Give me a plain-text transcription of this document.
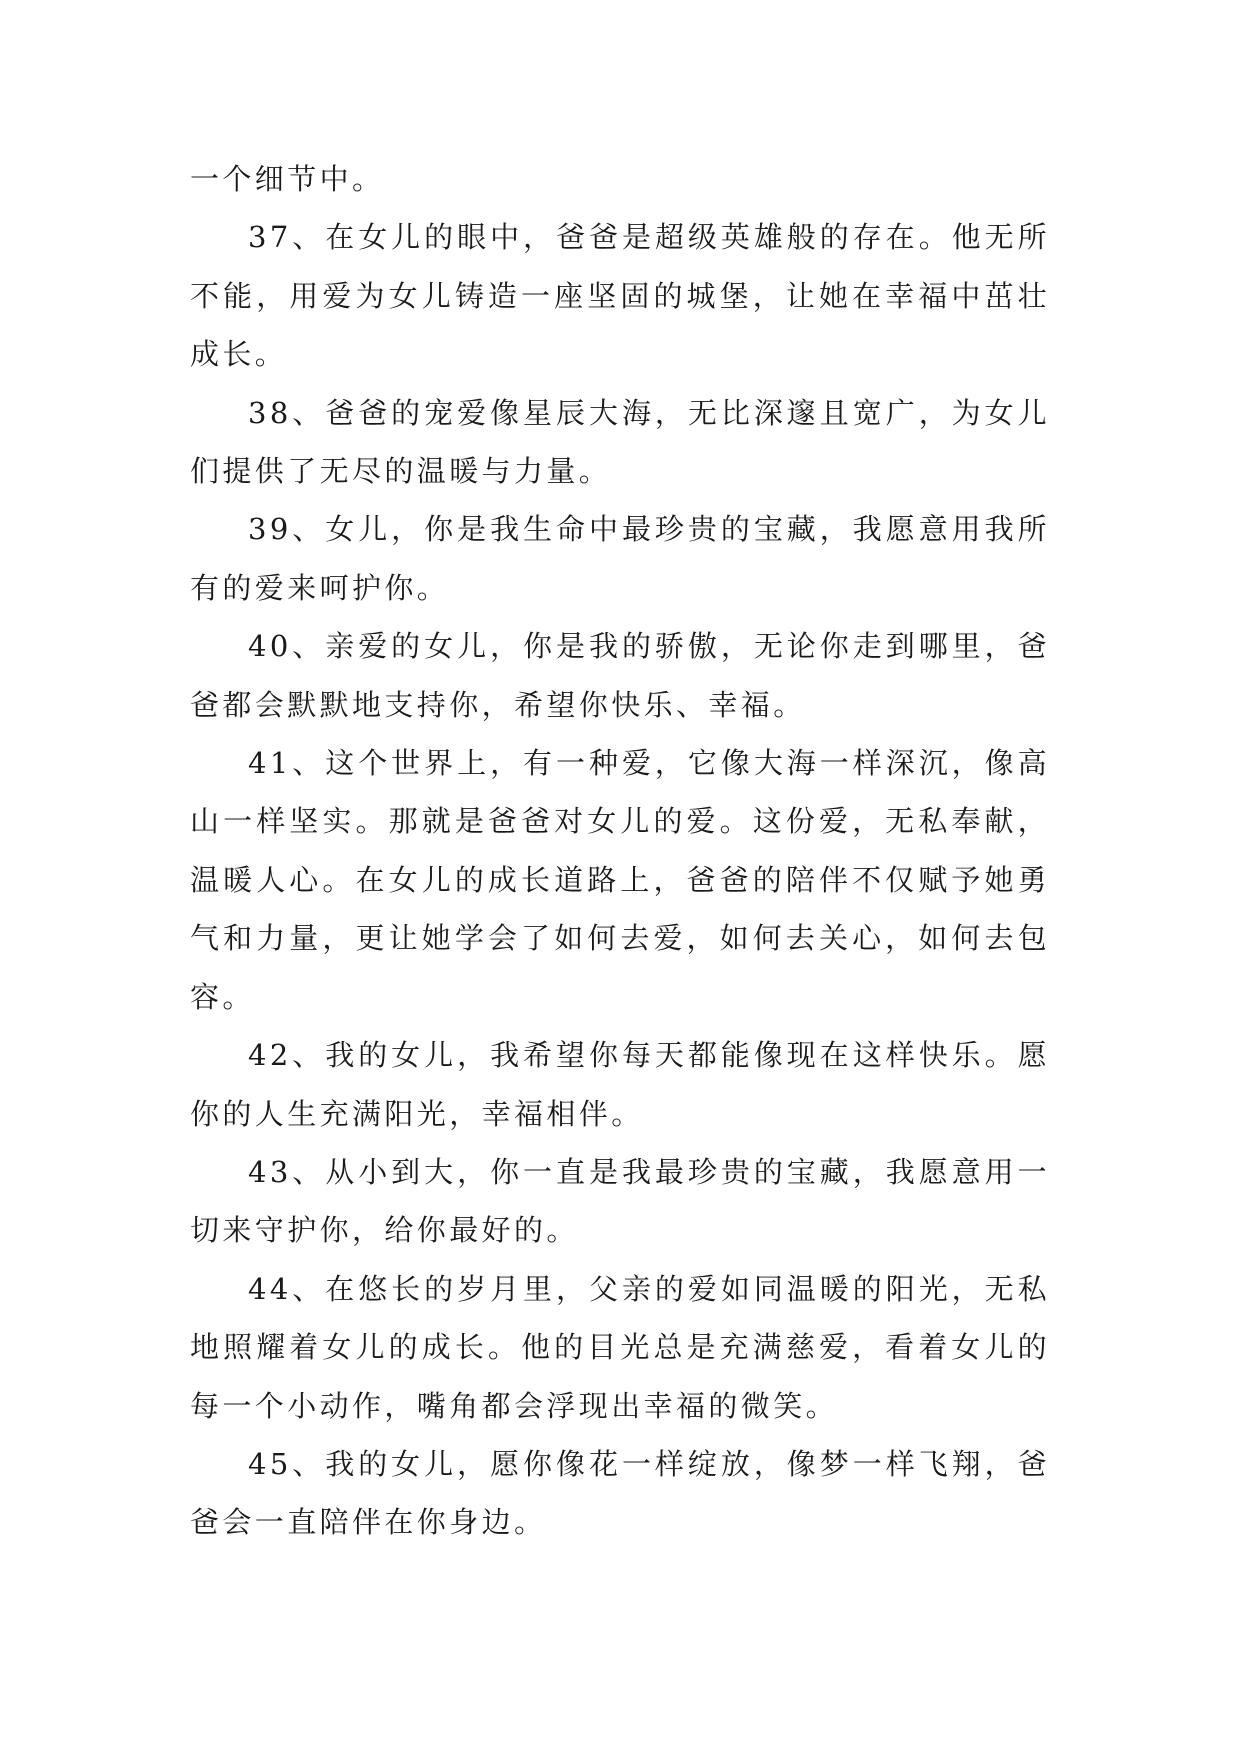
一个细节中。

37、在女儿的眼中，爸爸是超级英雄般的存在。他无所不能，用爱为女儿铸造一座坚固的城堡，让她在幸福中茁壮成长。

38、爸爸的宠爱像星辰大海，无比深邃且宽广，为女儿们提供了无尽的温暖与力量。

39、女儿，你是我生命中最珍贵的宝藏，我愿意用我所有的爱来呵护你。

40、亲爱的女儿，你是我的骄傲，无论你走到哪里，爸爸都会默默地支持你，希望你快乐、幸福。

41、这个世界上，有一种爱，它像大海一样深沉，像高山一样坚实。那就是爸爸对女儿的爱。这份爱，无私奉献，温暖人心。在女儿的成长道路上，爸爸的陪伴不仅赋予她勇气和力量，更让她学会了如何去爱，如何去关心，如何去包容。

42、我的女儿，我希望你每天都能像现在这样快乐。愿你的人生充满阳光，幸福相伴。

43、从小到大，你一直是我最珍贵的宝藏，我愿意用一切来守护你，给你最好的。

44、在悠长的岁月里，父亲的爱如同温暖的阳光，无私地照耀着女儿的成长。他的目光总是充满慈爱，看着女儿的每一个小动作，嘴角都会浮现出幸福的微笑。

45、我的女儿，愿你像花一样绽放，像梦一样飞翔，爸爸会一直陪伴在你身边。
